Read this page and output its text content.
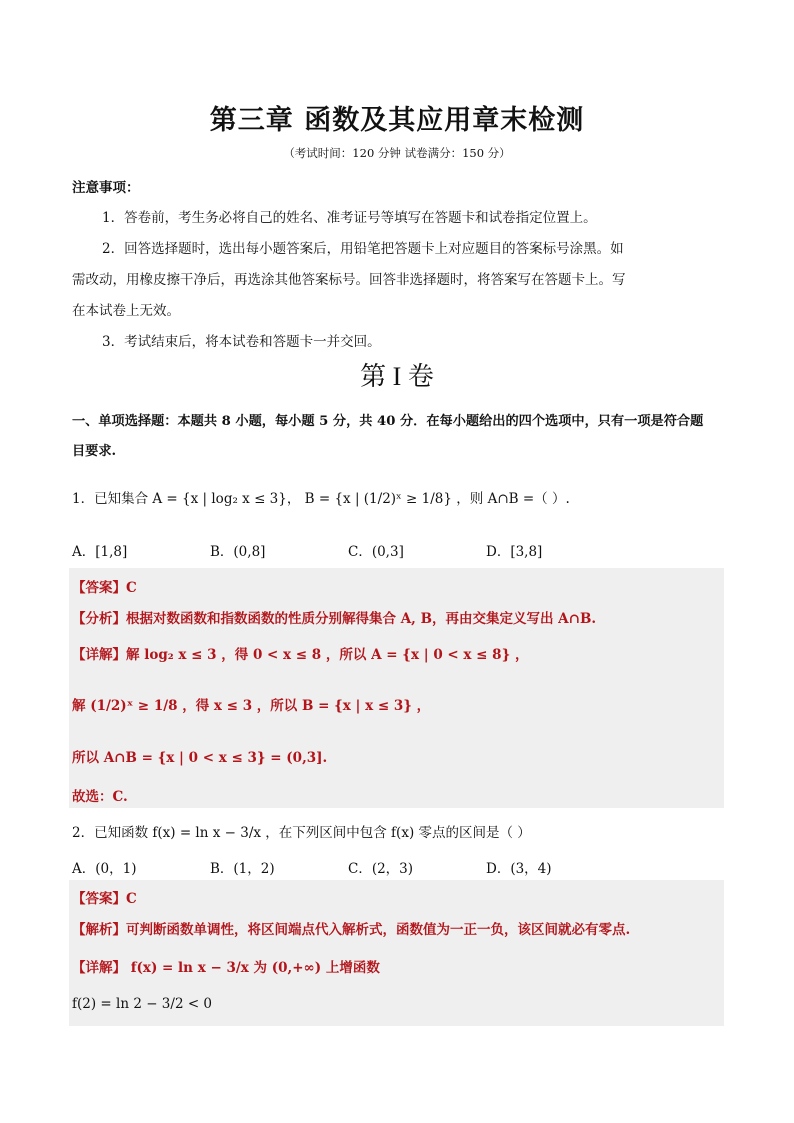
第三章 函数及其应用章末检测
（考试时间：120 分钟 试卷满分：150 分）
注意事项：
1．答卷前，考生务必将自己的姓名、准考证号等填写在答题卡和试卷指定位置上。
2．回答选择题时，选出每小题答案后，用铅笔把答题卡上对应题目的答案标号涂黑。如
需改动，用橡皮擦干净后，再选涂其他答案标号。回答非选择题时，将答案写在答题卡上。写
在本试卷上无效。
3．考试结束后，将本试卷和答题卡一并交回。
第 I 卷
一、单项选择题：本题共 8 小题，每小题 5 分，共 40 分．在每小题给出的四个选项中，只有一项是符合题
目要求.
1．已知集合 A = {x | log₂ x ≤ 3}， B = {x | (1/2)ˣ ≥ 1/8} ，则 A∩B =（ ）.
A．[1,8]	B．(0,8]	C．(0,3]	D．[3,8]
【答案】C
【分析】根据对数函数和指数函数的性质分别解得集合 A, B，再由交集定义写出 A∩B.
【详解】解 log₂ x ≤ 3 ，得 0 < x ≤ 8 ，所以 A = {x | 0 < x ≤ 8} ，
解 (1/2)ˣ ≥ 1/8 ，得 x ≤ 3 ，所以 B = {x | x ≤ 3} ，
所以 A∩B = {x | 0 < x ≤ 3} = (0,3].
故选：C.
2．已知函数 f(x) = ln x − 3/x ，在下列区间中包含 f(x) 零点的区间是（ ）
A．(0，1)	B．(1，2)	C．(2，3)	D．(3，4)
【答案】C
【解析】可判断函数单调性，将区间端点代入解析式，函数值为一正一负，该区间就必有零点.
【详解】 f(x) = ln x − 3/x 为 (0,+∞) 上增函数
f(2) = ln 2 − 3/2 < 0
